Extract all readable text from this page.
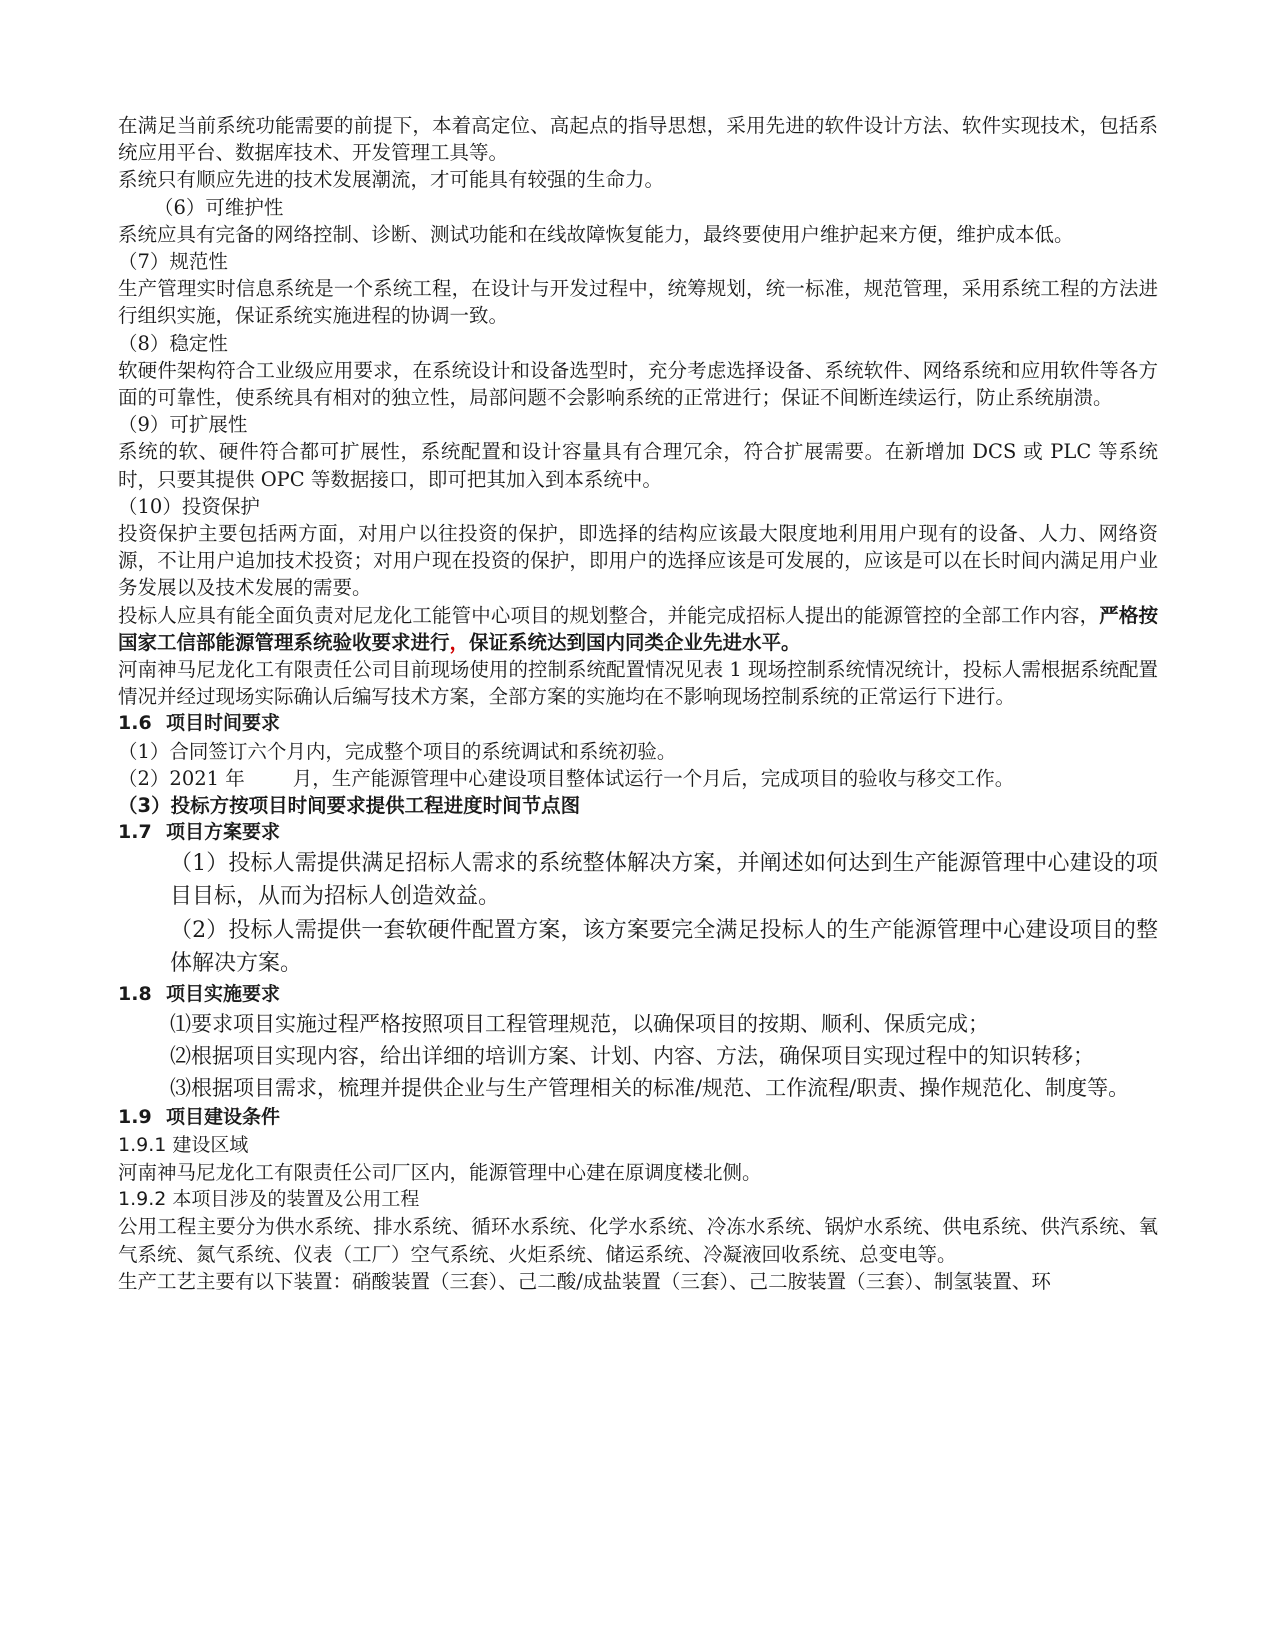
在满足当前系统功能需要的前提下，本着高定位、高起点的指导思想，采用先进的软件设计方法、软件实现技术，包括系统应用平台、数据库技术、开发管理工具等。

系统只有顺应先进的技术发展潮流，才可能具有较强的生命力。

（6）可维护性

系统应具有完备的网络控制、诊断、测试功能和在线故障恢复能力，最终要使用户维护起来方便，维护成本低。

（7）规范性

生产管理实时信息系统是一个系统工程，在设计与开发过程中，统筹规划，统一标准，规范管理，采用系统工程的方法进行组织实施，保证系统实施进程的协调一致。

（8）稳定性

软硬件架构符合工业级应用要求，在系统设计和设备选型时，充分考虑选择设备、系统软件、网络系统和应用软件等各方面的可靠性，使系统具有相对的独立性，局部问题不会影响系统的正常进行；保证不间断连续运行，防止系统崩溃。

（9）可扩展性

系统的软、硬件符合都可扩展性，系统配置和设计容量具有合理冗余，符合扩展需要。在新增加 DCS 或 PLC 等系统时，只要其提供 OPC 等数据接口，即可把其加入到本系统中。

（10）投资保护

投资保护主要包括两方面，对用户以往投资的保护，即选择的结构应该最大限度地利用用户现有的设备、人力、网络资源，不让用户追加技术投资；对用户现在投资的保护，即用户的选择应该是可发展的，应该是可以在长时间内满足用户业务发展以及技术发展的需要。

投标人应具有能全面负责对尼龙化工能管中心项目的规划整合，并能完成招标人提出的能源管控的全部工作内容，严格按国家工信部能源管理系统验收要求进行，保证系统达到国内同类企业先进水平。

河南神马尼龙化工有限责任公司目前现场使用的控制系统配置情况见表 1 现场控制系统情况统计，投标人需根据系统配置情况并经过现场实际确认后编写技术方案，全部方案的实施均在不影响现场控制系统的正常运行下进行。

1.6 项目时间要求

（1）合同签订六个月内，完成整个项目的系统调试和系统初验。

（2）2021 年 月，生产能源管理中心建设项目整体试运行一个月后，完成项目的验收与移交工作。

（3）投标方按项目时间要求提供工程进度时间节点图

1.7 项目方案要求

（1）投标人需提供满足招标人需求的系统整体解决方案，并阐述如何达到生产能源管理中心建设的项目目标，从而为招标人创造效益。

（2）投标人需提供一套软硬件配置方案，该方案要完全满足投标人的生产能源管理中心建设项目的整体解决方案。

1.8 项目实施要求

⑴要求项目实施过程严格按照项目工程管理规范，以确保项目的按期、顺利、保质完成；

⑵根据项目实现内容，给出详细的培训方案、计划、内容、方法，确保项目实现过程中的知识转移；

⑶根据项目需求，梳理并提供企业与生产管理相关的标准/规范、工作流程/职责、操作规范化、制度等。

1.9 项目建设条件

1.9.1 建设区域

河南神马尼龙化工有限责任公司厂区内，能源管理中心建在原调度楼北侧。

1.9.2 本项目涉及的装置及公用工程

公用工程主要分为供水系统、排水系统、循环水系统、化学水系统、冷冻水系统、锅炉水系统、供电系统、供汽系统、氧气系统、氮气系统、仪表（工厂）空气系统、火炬系统、储运系统、冷凝液回收系统、总变电等。

生产工艺主要有以下装置：硝酸装置（三套）、己二酸/成盐装置（三套）、己二胺装置（三套）、制氢装置、环
